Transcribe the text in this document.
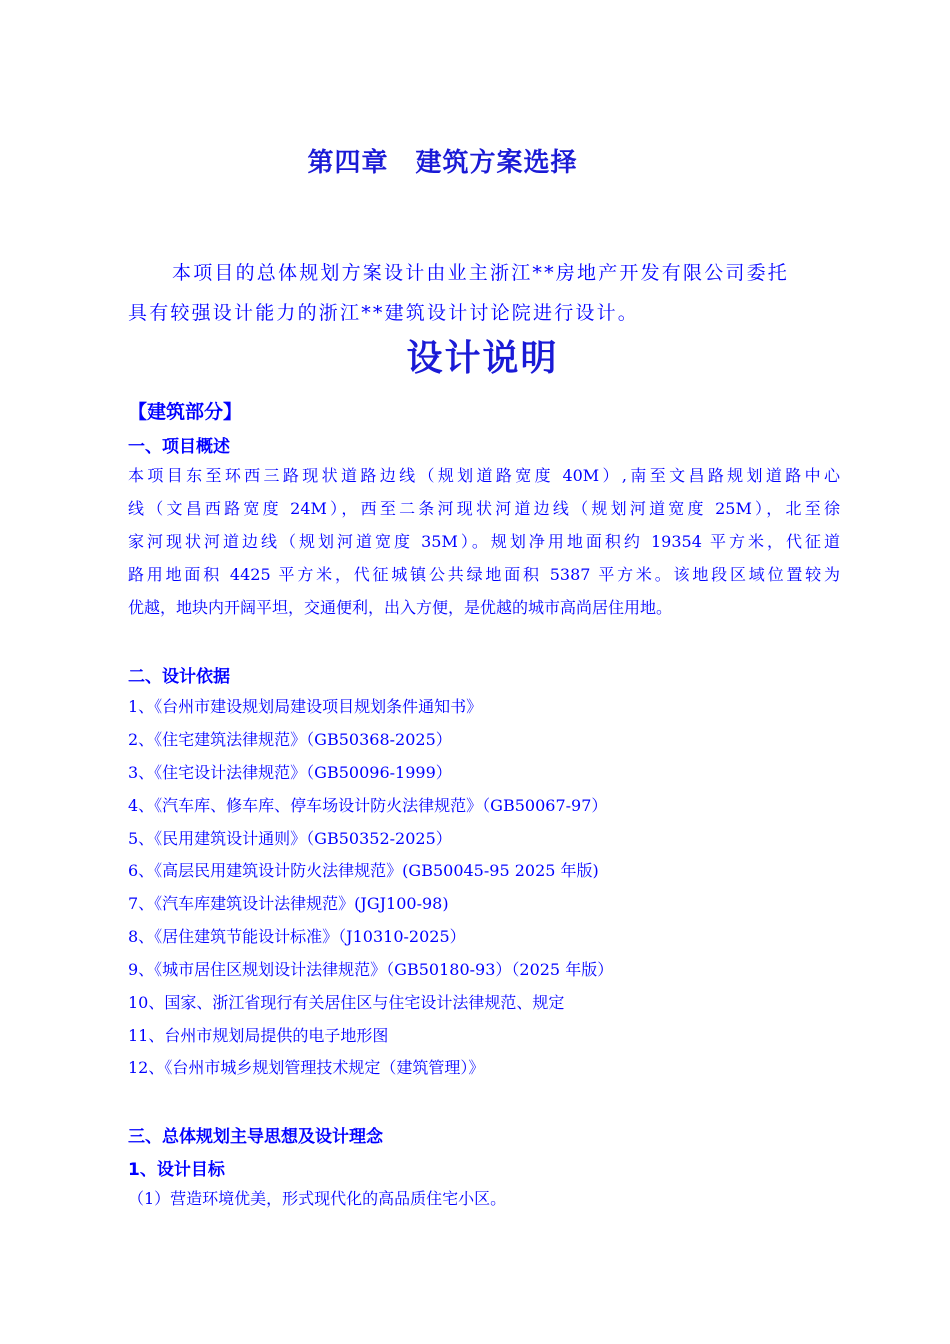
第四章　建筑方案选择
本项目的总体规划方案设计由业主浙江**房地产开发有限公司委托
具有较强设计能力的浙江**建筑设计讨论院进行设计。
设计说明
【建筑部分】
一、项目概述
本项目东至环西三路现状道路边线（规划道路宽度 40M）,南至文昌路规划道路中心
线（文昌西路宽度 24M），西至二条河现状河道边线（规划河道宽度 25M），北至徐
家河现状河道边线（规划河道宽度 35M）。规划净用地面积约 19354 平方米，代征道
路用地面积 4425 平方米，代征城镇公共绿地面积 5387 平方米。该地段区域位置较为
优越，地块内开阔平坦，交通便利，出入方便，是优越的城市高尚居住用地。
二、设计依据
1、《台州市建设规划局建设项目规划条件通知书》
2、《住宅建筑法律规范》（GB50368-2025）
3、《住宅设计法律规范》（GB50096-1999）
4、《汽车库、修车库、停车场设计防火法律规范》（GB50067-97）
5、《民用建筑设计通则》（GB50352-2025）
6、《高层民用建筑设计防火法律规范》(GB50045-95 2025 年版)
7、《汽车库建筑设计法律规范》(JGJ100-98)
8、《居住建筑节能设计标准》（J10310-2025）
9、《城市居住区规划设计法律规范》（GB50180-93）（2025 年版）
10、国家、浙江省现行有关居住区与住宅设计法律规范、规定
11、台州市规划局提供的电子地形图
12、《台州市城乡规划管理技术规定（建筑管理）》
三、总体规划主导思想及设计理念
1、设计目标
（1）营造环境优美，形式现代化的高品质住宅小区。
